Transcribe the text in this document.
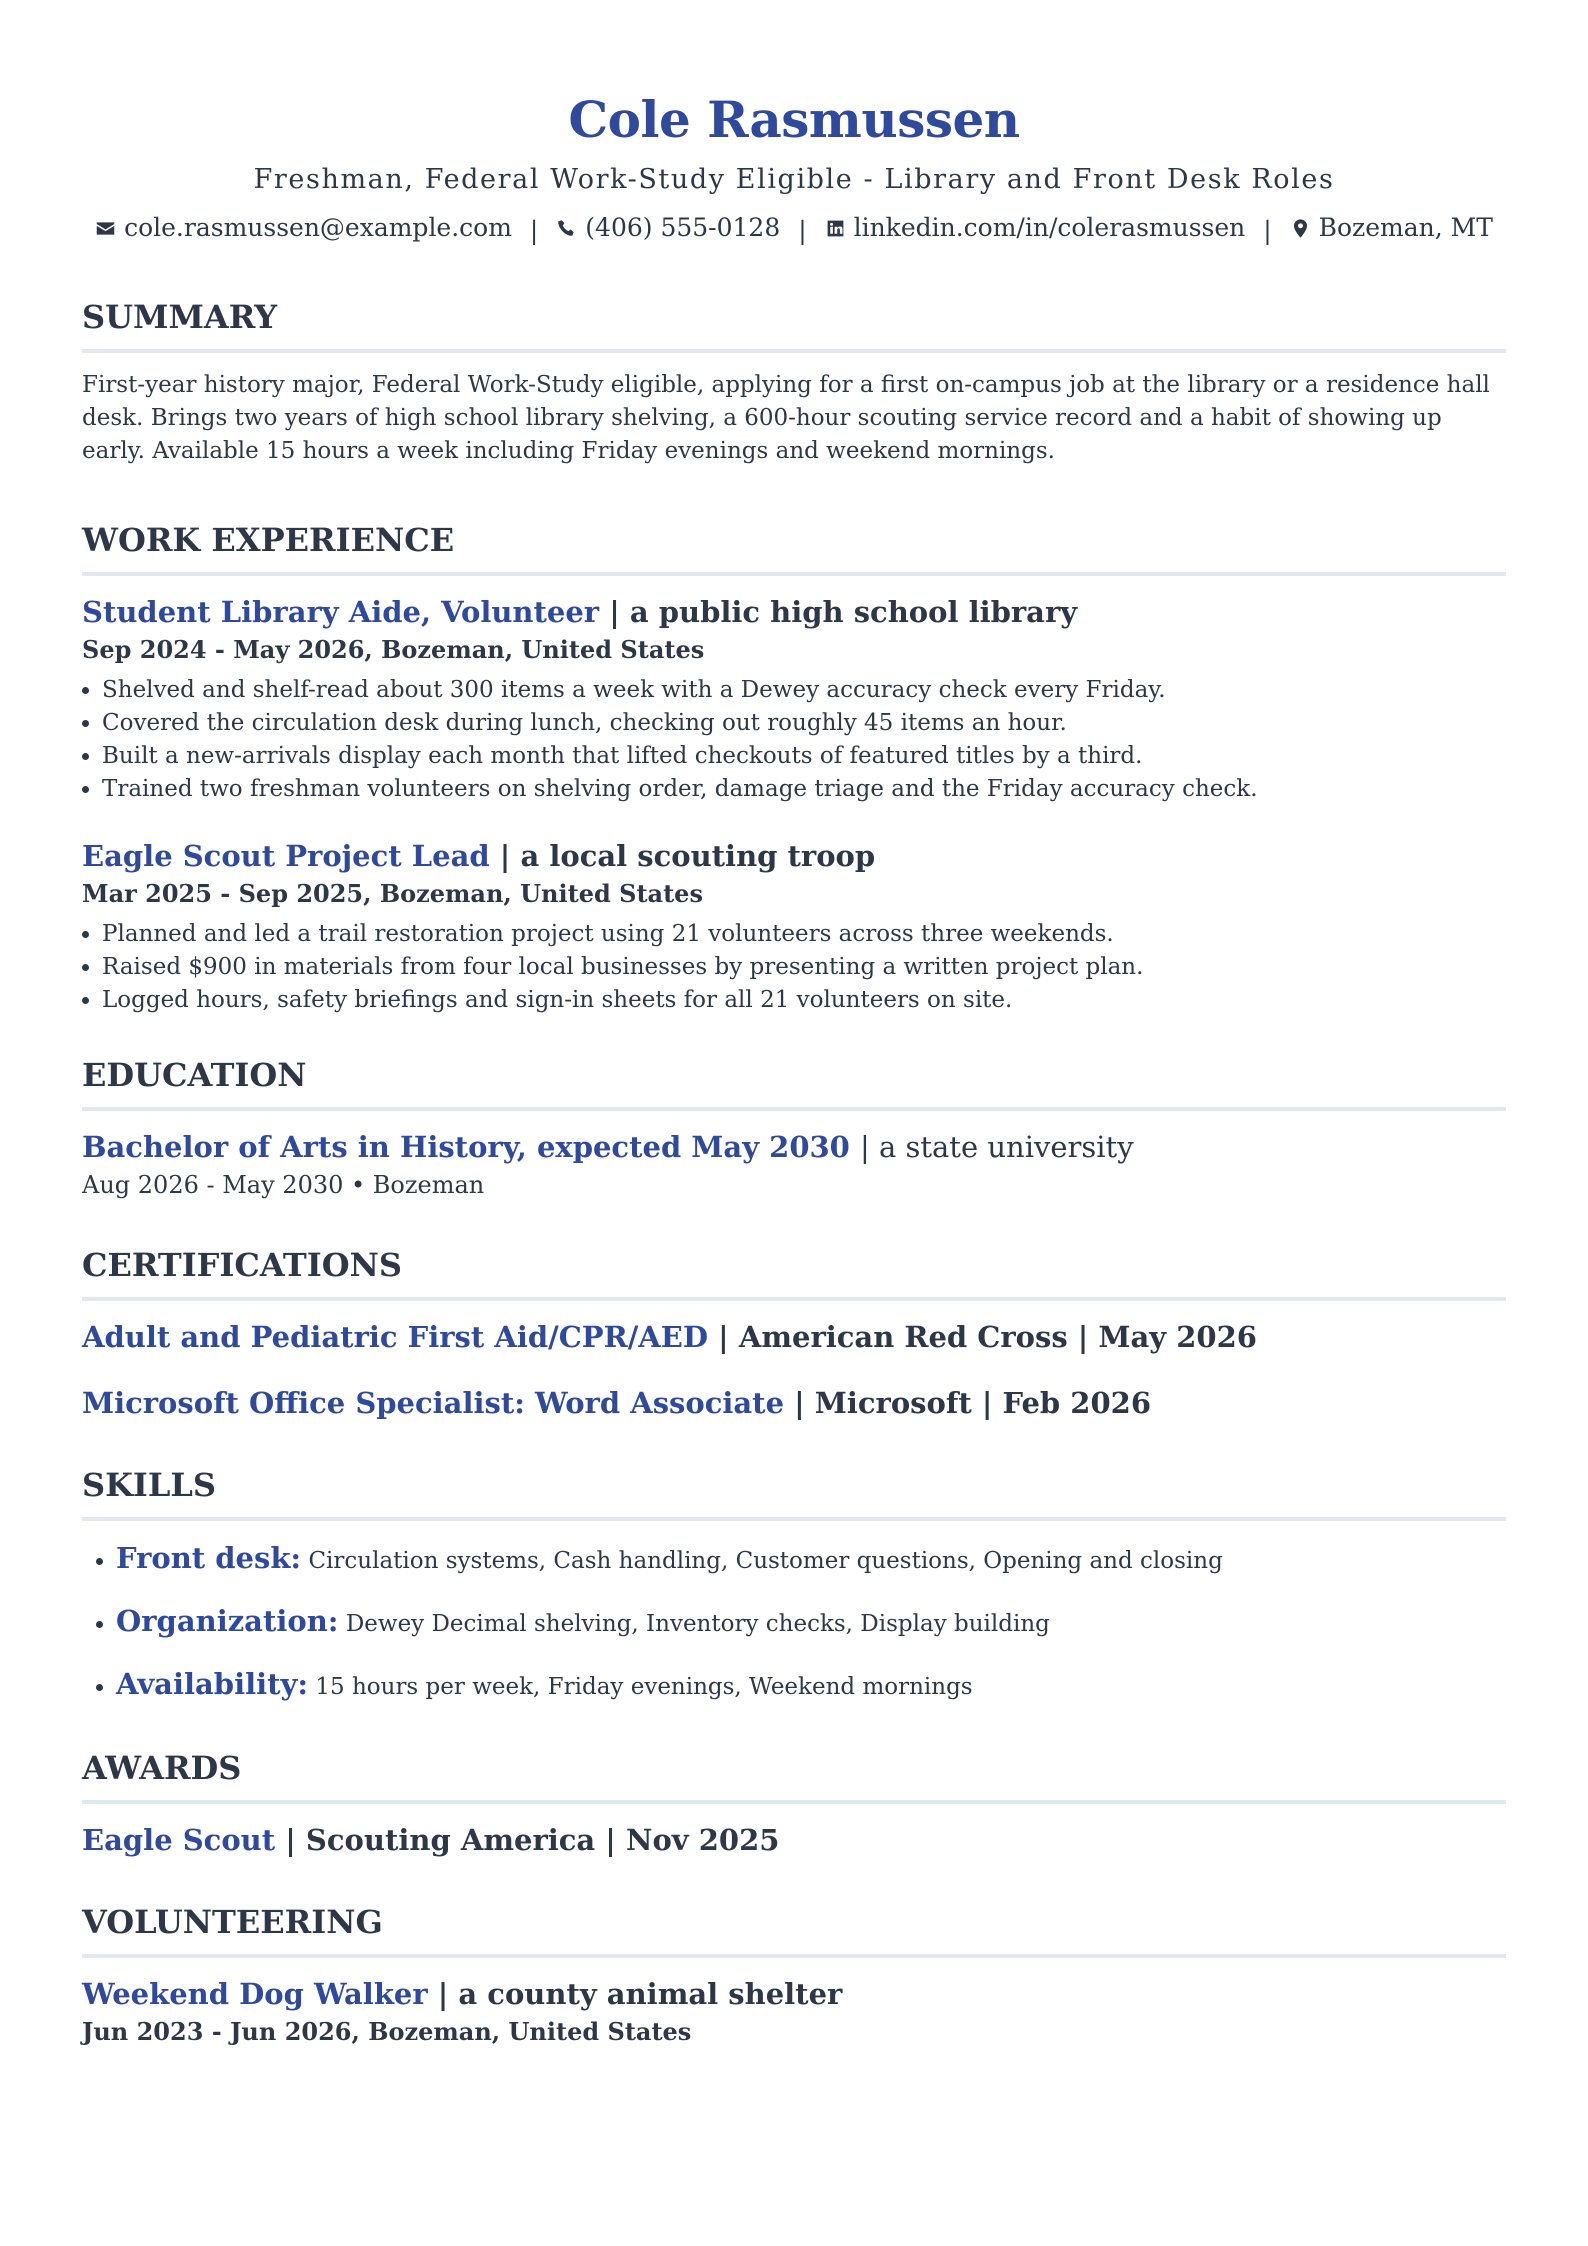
Cole Rasmussen
Freshman, Federal Work-Study Eligible - Library and Front Desk Roles
cole.rasmussen@example.com | (406) 555-0128 | linkedin.com/in/colerasmussen | Bozeman, MT
SUMMARY

First-year history major, Federal Work-Study eligible, applying for a first on-campus job at the library or a residence hall desk. Brings two years of high school library shelving, a 600-hour scouting service record and a habit of showing up early. Available 15 hours a week including Friday evenings and weekend mornings.

WORK EXPERIENCE
Student Library Aide, Volunteer | a public high school library
Sep 2024 - May 2026, Bozeman, United States
• Shelved and shelf-read about 300 items a week with a Dewey accuracy check every Friday.
• Covered the circulation desk during lunch, checking out roughly 45 items an hour.
• Built a new-arrivals display each month that lifted checkouts of featured titles by a third.
• Trained two freshman volunteers on shelving order, damage triage and the Friday accuracy check.
Eagle Scout Project Lead | a local scouting troop
Mar 2025 - Sep 2025, Bozeman, United States
• Planned and led a trail restoration project using 21 volunteers across three weekends.
• Raised $900 in materials from four local businesses by presenting a written project plan.
• Logged hours, safety briefings and sign-in sheets for all 21 volunteers on site.
EDUCATION
Bachelor of Arts in History, expected May 2030 | a state university
Aug 2026 - May 2030 • Bozeman
CERTIFICATIONS
Adult and Pediatric First Aid/CPR/AED | American Red Cross | May 2026
Microsoft Office Specialist: Word Associate | Microsoft | Feb 2026
SKILLS
• Front desk: Circulation systems, Cash handling, Customer questions, Opening and closing
• Organization: Dewey Decimal shelving, Inventory checks, Display building
• Availability: 15 hours per week, Friday evenings, Weekend mornings
AWARDS
Eagle Scout | Scouting America | Nov 2025
VOLUNTEERING
Weekend Dog Walker | a county animal shelter
Jun 2023 - Jun 2026, Bozeman, United States
